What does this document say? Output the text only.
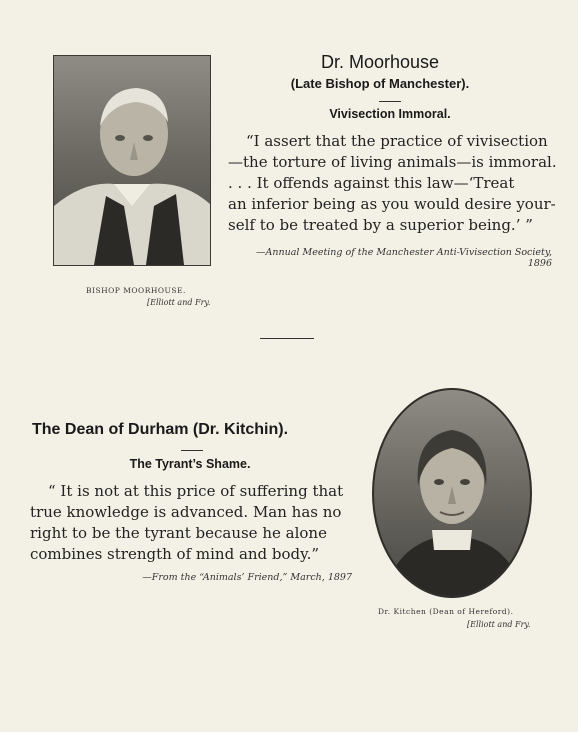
BISHOP MOORHOUSE.
[Elliott and Fry.
Dr. Moorhouse
(Late Bishop of Manchester).
Vivisection Immoral.
“I assert that the practice of vivisection
—the torture of living animals—is immoral.
. . . It offends against this law—‘Treat
an inferior being as you would desire your-
self to be treated by a superior being.’ ”
—Annual Meeting of the Manchester Anti-Vivisection Society, 1896
The Dean of Durham (Dr. Kitchin).
The Tyrant’s Shame.
“ It is not at this price of suffering that
true knowledge is advanced. Man has no
right to be the tyrant because he alone
combines strength of mind and body.”
—From the “Animals’ Friend,” March, 1897
Dr. Kitchen (Dean of Hereford).
[Elliott and Fry.
